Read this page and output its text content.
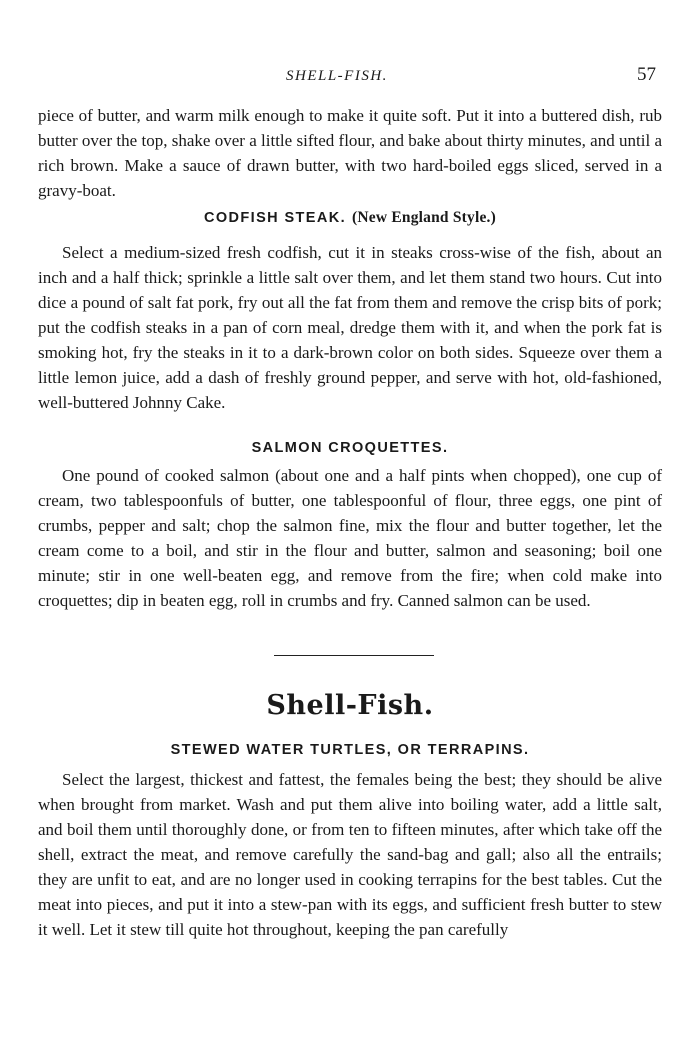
SHELL-FISH.	57

piece of butter, and warm milk enough to make it quite soft. Put it into a buttered dish, rub butter over the top, shake over a little sifted flour, and bake about thirty minutes, and until a rich brown. Make a sauce of drawn butter, with two hard-boiled eggs sliced, served in a gravy-boat.

CODFISH STEAK. (New England Style.)

Select a medium-sized fresh codfish, cut it in steaks cross-wise of the fish, about an inch and a half thick; sprinkle a little salt over them, and let them stand two hours. Cut into dice a pound of salt fat pork, fry out all the fat from them and remove the crisp bits of pork; put the codfish steaks in a pan of corn meal, dredge them with it, and when the pork fat is smoking hot, fry the steaks in it to a dark-brown color on both sides. Squeeze over them a little lemon juice, add a dash of freshly ground pepper, and serve with hot, old-fashioned, well-buttered Johnny Cake.

SALMON CROQUETTES.

One pound of cooked salmon (about one and a half pints when chopped), one cup of cream, two tablespoonfuls of butter, one tablespoonful of flour, three eggs, one pint of crumbs, pepper and salt; chop the salmon fine, mix the flour and butter together, let the cream come to a boil, and stir in the flour and butter, salmon and seasoning; boil one minute; stir in one well-beaten egg, and remove from the fire; when cold make into croquettes; dip in beaten egg, roll in crumbs and fry. Canned salmon can be used.

Shell-Fish.
STEWED WATER TURTLES, OR TERRAPINS.

Select the largest, thickest and fattest, the females being the best; they should be alive when brought from market. Wash and put them alive into boiling water, add a little salt, and boil them until thoroughly done, or from ten to fifteen minutes, after which take off the shell, extract the meat, and remove carefully the sand-bag and gall; also all the entrails; they are unfit to eat, and are no longer used in cooking terrapins for the best tables. Cut the meat into pieces, and put it into a stew-pan with its eggs, and sufficient fresh butter to stew it well. Let it stew till quite hot throughout, keeping the pan carefully
